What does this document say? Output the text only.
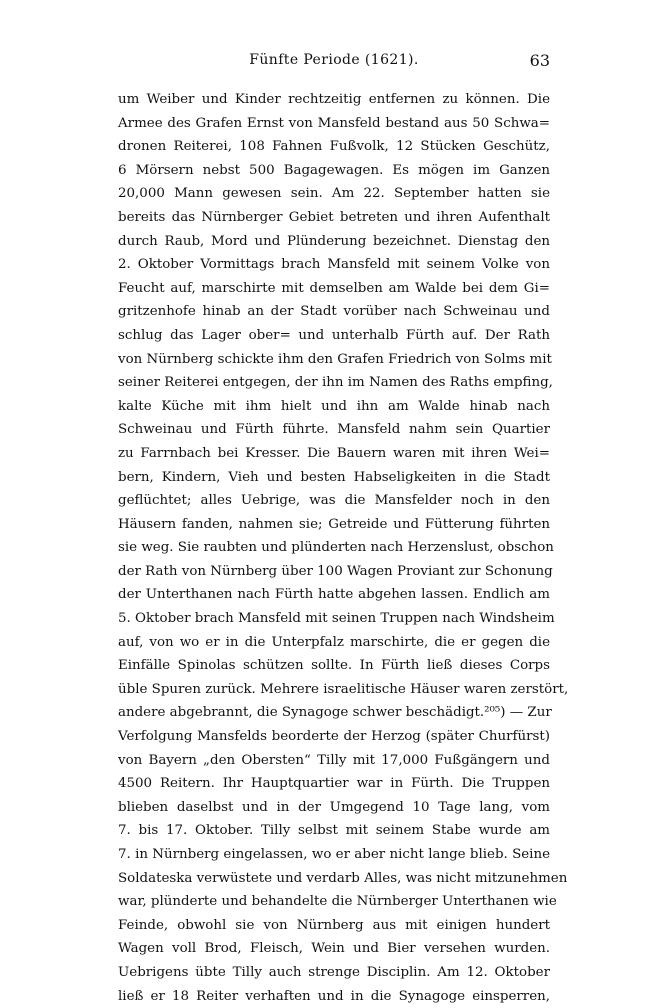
Fünfte Periode (1621).	63
um Weiber und Kinder rechtzeitig entfernen zu können. Die
Armee des Grafen Ernst von Mansfeld bestand aus 50 Schwa=
dronen Reiterei, 108 Fahnen Fußvolk, 12 Stücken Geschütz,
6 Mörsern nebst 500 Bagagewagen. Es mögen im Ganzen
20,000 Mann gewesen sein. Am 22. September hatten sie
bereits das Nürnberger Gebiet betreten und ihren Aufenthalt
durch Raub, Mord und Plünderung bezeichnet. Dienstag den
2. Oktober Vormittags brach Mansfeld mit seinem Volke von
Feucht auf, marschirte mit demselben am Walde bei dem Gi=
gritzenhofe hinab an der Stadt vorüber nach Schweinau und
schlug das Lager ober= und unterhalb Fürth auf. Der Rath
von Nürnberg schickte ihm den Grafen Friedrich von Solms mit
seiner Reiterei entgegen, der ihn im Namen des Raths empfing,
kalte Küche mit ihm hielt und ihn am Walde hinab nach
Schweinau und Fürth führte. Mansfeld nahm sein Quartier
zu Farrnbach bei Kresser. Die Bauern waren mit ihren Wei=
bern, Kindern, Vieh und besten Habseligkeiten in die Stadt
geflüchtet; alles Uebrige, was die Mansfelder noch in den
Häusern fanden, nahmen sie; Getreide und Fütterung führten
sie weg. Sie raubten und plünderten nach Herzenslust, obschon
der Rath von Nürnberg über 100 Wagen Proviant zur Schonung
der Unterthanen nach Fürth hatte abgehen lassen. Endlich am
5. Oktober brach Mansfeld mit seinen Truppen nach Windsheim
auf, von wo er in die Unterpfalz marschirte, die er gegen die
Einfälle Spinolas schützen sollte. In Fürth ließ dieses Corps
üble Spuren zurück. Mehrere israelitische Häuser waren zerstört,
andere abgebrannt, die Synagoge schwer beschädigt.²⁰⁵) — Zur
Verfolgung Mansfelds beorderte der Herzog (später Churfürst)
von Bayern „den Obersten“ Tilly mit 17,000 Fußgängern und
4500 Reitern. Ihr Hauptquartier war in Fürth. Die Truppen
blieben daselbst und in der Umgegend 10 Tage lang, vom
7. bis 17. Oktober. Tilly selbst mit seinem Stabe wurde am
7. in Nürnberg eingelassen, wo er aber nicht lange blieb. Seine
Soldateska verwüstete und verdarb Alles, was nicht mitzunehmen
war, plünderte und behandelte die Nürnberger Unterthanen wie
Feinde, obwohl sie von Nürnberg aus mit einigen hundert
Wagen voll Brod, Fleisch, Wein und Bier versehen wurden.
Uebrigens übte Tilly auch strenge Disciplin. Am 12. Oktober
ließ er 18 Reiter verhaften und in die Synagoge einsperren,
